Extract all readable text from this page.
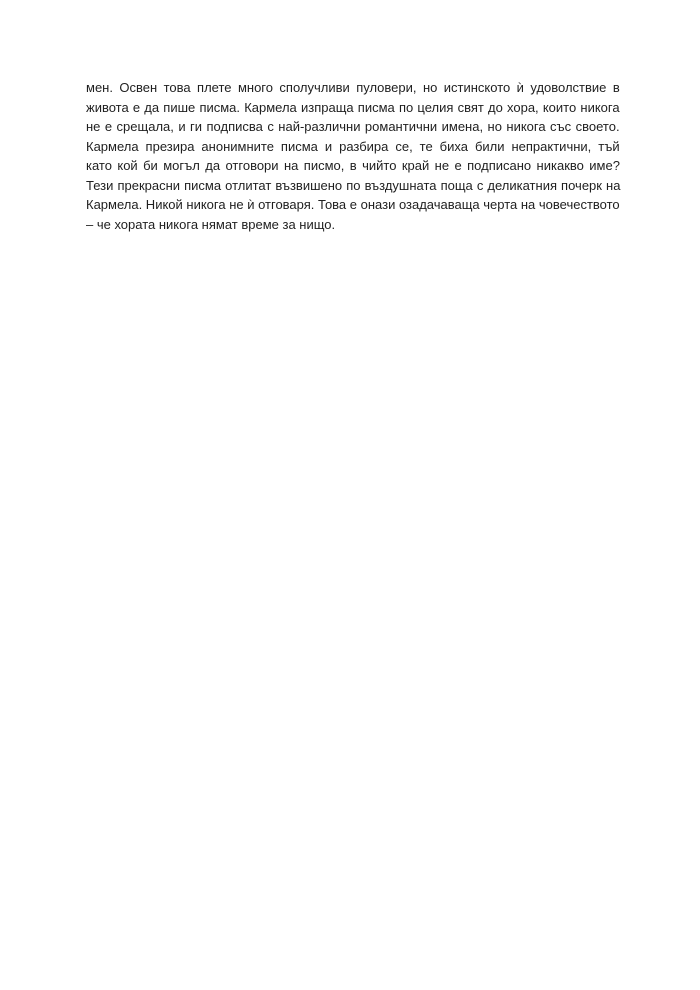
мен. Освен това плете много сполучливи пуловери, но истинското ѝ удоволствие в
живота е да пише писма. Кармела изпраща писма по целия свят до хора, които никога
не е срещала, и ги подписва с най-различни романтични имена, но никога със своето.
Кармела презира анонимните писма и разбира се, те биха били непрактични, тъй
като кой би могъл да отговори на писмо, в чийто край не е подписано никакво име?
Тези прекрасни писма отлитат възвишено по въздушната поща с деликатния почерк на
Кармела. Никой никога не ѝ отговаря. Това е онази озадачаваща черта на човечеството
– че хората никога нямат време за нищо.
